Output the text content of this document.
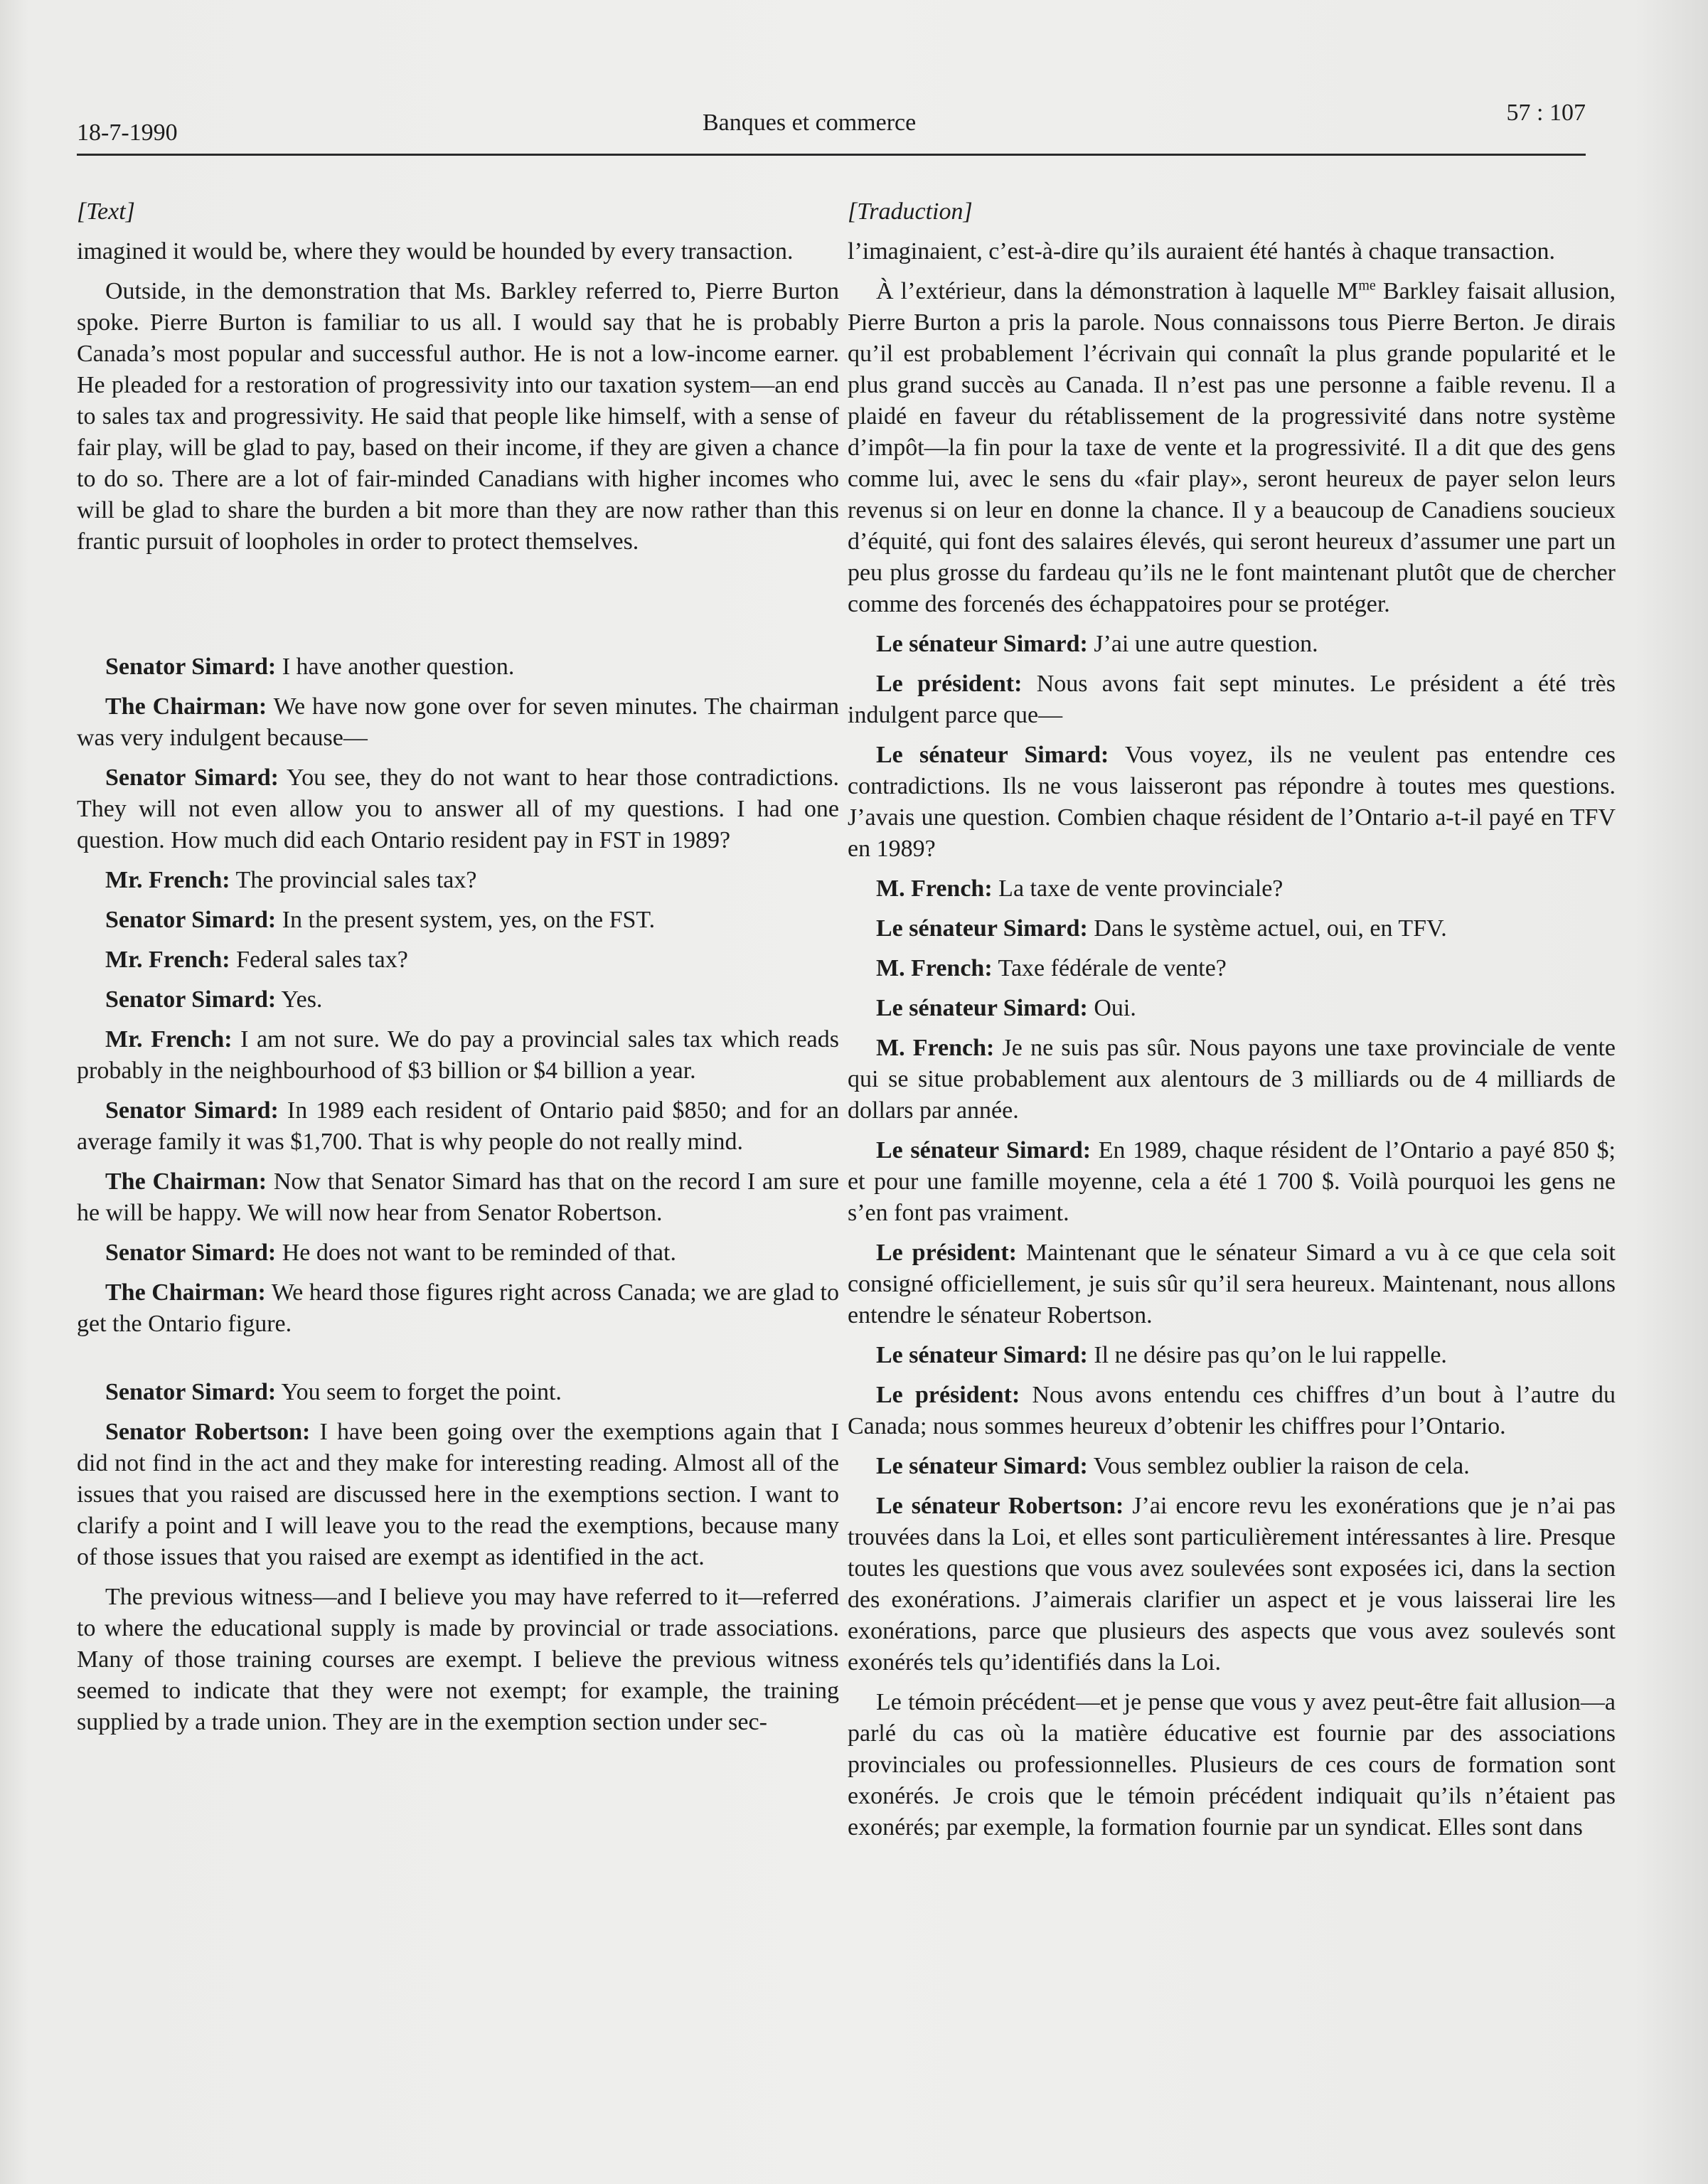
18-7-1990	Banques et commerce	57 : 107

[Text]

imagined it would be, where they would be hounded by every transaction.

Outside, in the demonstration that Ms. Barkley referred to, Pierre Burton spoke. Pierre Burton is familiar to us all. I would say that he is probably Canada’s most popular and successful author. He is not a low-income earner. He pleaded for a restoration of progressivity into our taxation system—an end to sales tax and progressivity. He said that people like himself, with a sense of fair play, will be glad to pay, based on their income, if they are given a chance to do so. There are a lot of fair-minded Canadians with higher incomes who will be glad to share the burden a bit more than they are now rather than this frantic pursuit of loopholes in order to protect themselves.

Senator Simard: I have another question.

The Chairman: We have now gone over for seven minutes. The chairman was very indulgent because—

Senator Simard: You see, they do not want to hear those contradictions. They will not even allow you to answer all of my questions. I had one question. How much did each Ontario resident pay in FST in 1989?

Mr. French: The provincial sales tax?

Senator Simard: In the present system, yes, on the FST.

Mr. French: Federal sales tax?

Senator Simard: Yes.

Mr. French: I am not sure. We do pay a provincial sales tax which reads probably in the neighbourhood of $3 billion or $4 billion a year.

Senator Simard: In 1989 each resident of Ontario paid $850; and for an average family it was $1,700. That is why people do not really mind.

The Chairman: Now that Senator Simard has that on the record I am sure he will be happy. We will now hear from Senator Robertson.

Senator Simard: He does not want to be reminded of that.

The Chairman: We heard those figures right across Canada; we are glad to get the Ontario figure.

Senator Simard: You seem to forget the point.

Senator Robertson: I have been going over the exemptions again that I did not find in the act and they make for interesting reading. Almost all of the issues that you raised are discussed here in the exemptions section. I want to clarify a point and I will leave you to the read the exemptions, because many of those issues that you raised are exempt as identified in the act.

The previous witness—and I believe you may have referred to it—referred to where the educational supply is made by provincial or trade associations. Many of those training courses are exempt. I believe the previous witness seemed to indicate that they were not exempt; for example, the training supplied by a trade union. They are in the exemption section under sec-

[Traduction]

l’imaginaient, c’est-à-dire qu’ils auraient été hantés à chaque transaction.

À l’extérieur, dans la démonstration à laquelle $M^{me}$ Barkley faisait allusion, Pierre Burton a pris la parole. Nous connaissons tous Pierre Berton. Je dirais qu’il est probablement l’écrivain qui connaît la plus grande popularité et le plus grand succès au Canada. Il n’est pas une personne a faible revenu. Il a plaidé en faveur du rétablissement de la progressivité dans notre système d’impôt—la fin pour la taxe de vente et la progressivité. Il a dit que des gens comme lui, avec le sens du «fair play», seront heureux de payer selon leurs revenus si on leur en donne la chance. Il y a beaucoup de Canadiens soucieux d’équité, qui font des salaires élevés, qui seront heureux d’assumer une part un peu plus grosse du fardeau qu’ils ne le font maintenant plutôt que de chercher comme des forcenés des échappatoires pour se protéger.

Le sénateur Simard: J’ai une autre question.

Le président: Nous avons fait sept minutes. Le président a été très indulgent parce que—

Le sénateur Simard: Vous voyez, ils ne veulent pas entendre ces contradictions. Ils ne vous laisseront pas répondre à toutes mes questions. J’avais une question. Combien chaque résident de l’Ontario a-t-il payé en TFV en 1989?

M. French: La taxe de vente provinciale?

Le sénateur Simard: Dans le système actuel, oui, en TFV.

M. French: Taxe fédérale de vente?

Le sénateur Simard: Oui.

M. French: Je ne suis pas sûr. Nous payons une taxe provinciale de vente qui se situe probablement aux alentours de 3 milliards ou de 4 milliards de dollars par année.

Le sénateur Simard: En 1989, chaque résident de l’Ontario a payé 850 $; et pour une famille moyenne, cela a été 1 700 $. Voilà pourquoi les gens ne s’en font pas vraiment.

Le président: Maintenant que le sénateur Simard a vu à ce que cela soit consigné officiellement, je suis sûr qu’il sera heureux. Maintenant, nous allons entendre le sénateur Robertson.

Le sénateur Simard: Il ne désire pas qu’on le lui rappelle.

Le président: Nous avons entendu ces chiffres d’un bout à l’autre du Canada; nous sommes heureux d’obtenir les chiffres pour l’Ontario.

Le sénateur Simard: Vous semblez oublier la raison de cela.

Le sénateur Robertson: J’ai encore revu les exonérations que je n’ai pas trouvées dans la Loi, et elles sont particulièrement intéressantes à lire. Presque toutes les questions que vous avez soulevées sont exposées ici, dans la section des exonérations. J’aimerais clarifier un aspect et je vous laisserai lire les exonérations, parce que plusieurs des aspects que vous avez soulevés sont exonérés tels qu’identifiés dans la Loi.

Le témoin précédent—et je pense que vous y avez peut-être fait allusion—a parlé du cas où la matière éducative est fournie par des associations provinciales ou professionnelles. Plusieurs de ces cours de formation sont exonérés. Je crois que le témoin précédent indiquait qu’ils n’étaient pas exonérés; par exemple, la formation fournie par un syndicat. Elles sont dans
